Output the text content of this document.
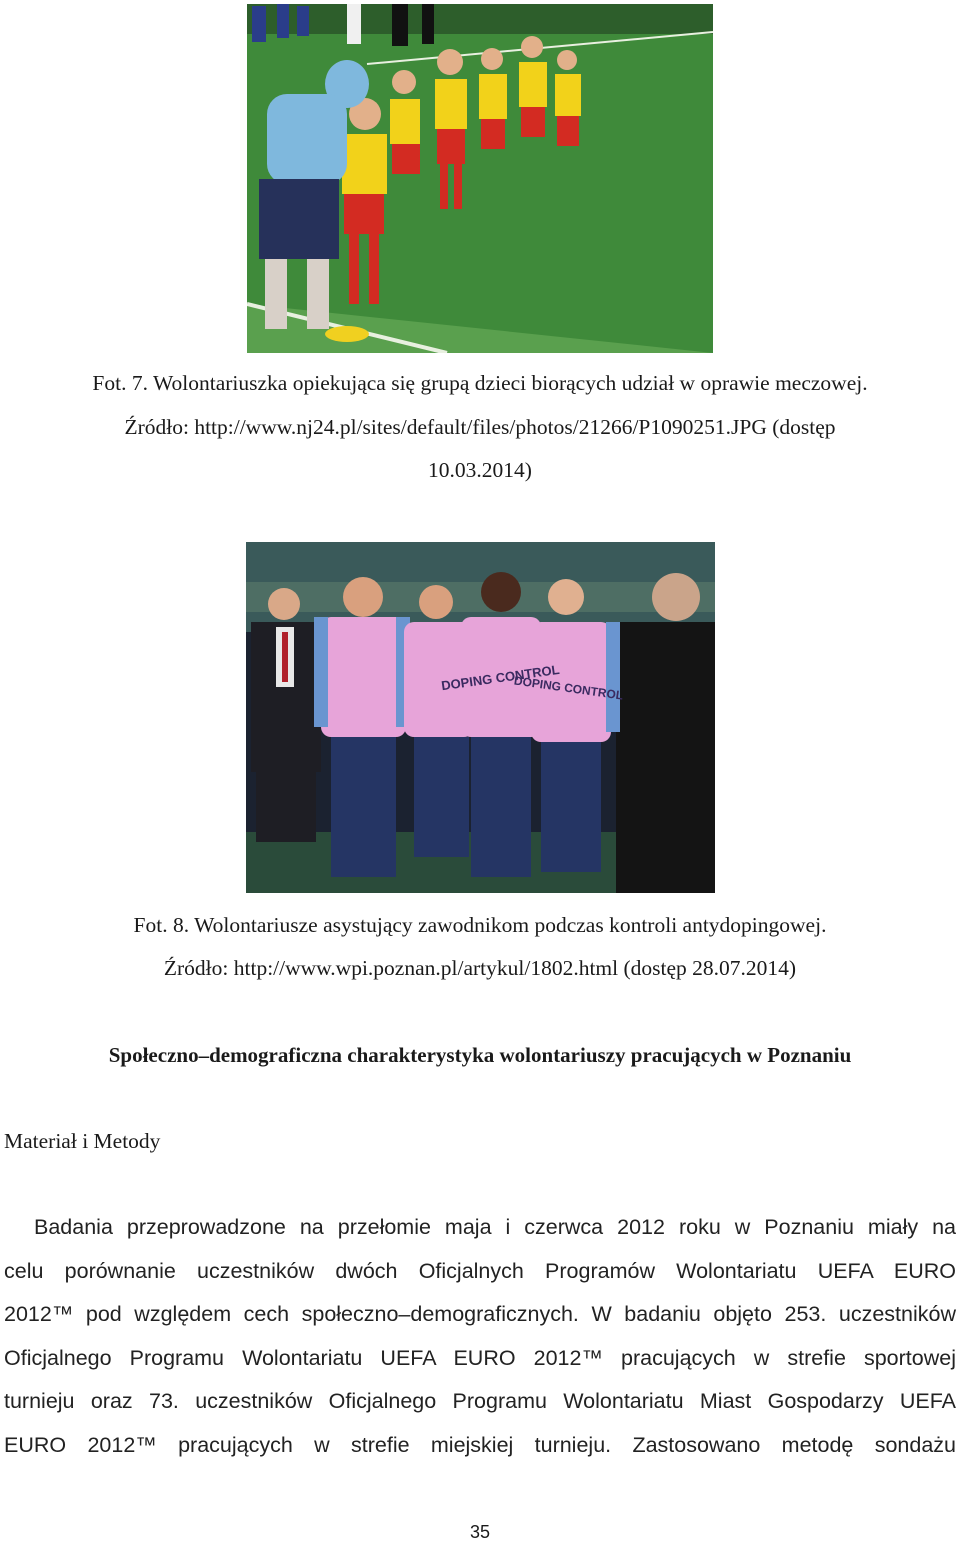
Fot. 7. Wolontariuszka opiekująca się grupą dzieci biorących udział w oprawie meczowej.
Źródło: http://www.nj24.pl/sites/default/files/photos/21266/P1090251.JPG (dostęp
10.03.2014)
DOPING CONTROL
DOPING CONTROL
Fot. 8. Wolontariusze asystujący zawodnikom podczas kontroli antydopingowej.
Źródło: http://www.wpi.poznan.pl/artykul/1802.html (dostęp 28.07.2014)
Społeczno–demograficzna charakterystyka wolontariuszy pracujących w Poznaniu
Materiał i Metody
Badania przeprowadzone na przełomie maja i czerwca 2012 roku w Poznaniu miały na
celu porównanie uczestników dwóch Oficjalnych Programów Wolontariatu UEFA EURO
2012™ pod względem cech społeczno–demograficznych. W badaniu objęto 253. uczestników
Oficjalnego Programu Wolontariatu UEFA EURO 2012™ pracujących w strefie sportowej
turnieju oraz 73. uczestników Oficjalnego Programu Wolontariatu Miast Gospodarzy UEFA
EURO 2012™ pracujących w strefie miejskiej turnieju. Zastosowano metodę sondażu
35
